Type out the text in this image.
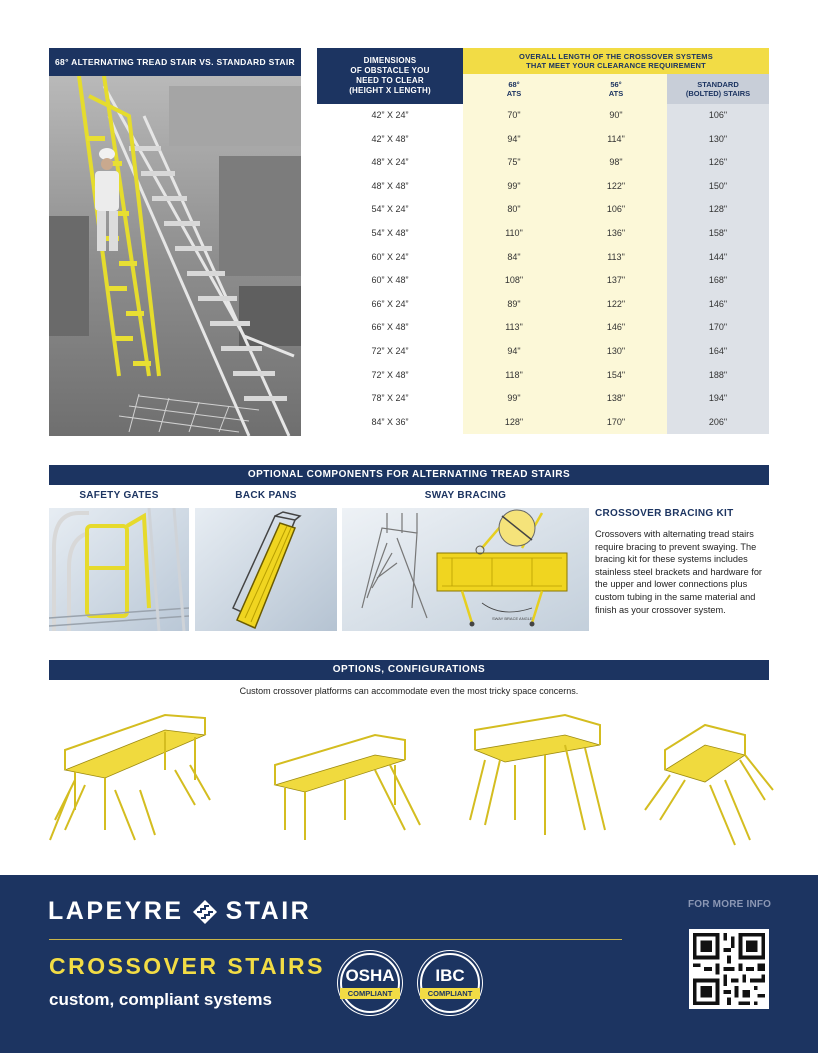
68° ALTERNATING TREAD STAIR VS. STANDARD STAIR	DIMENSIONS
OF OBSTACLE YOU
NEED TO CLEAR
(HEIGHT X LENGTH)
OVERALL LENGTH OF THE CROSSOVER SYSTEMS
THAT MEET YOUR CLEARANCE REQUIREMENT
68°
ATS
56°
ATS
STANDARD
(BOLTED) STAIRS
42” X 24”	70"	90"	106"
42” X 48”	94"	114"	130"
48” X 24”	75"	98"	126"
48” X 48”	99"	122"	150"
54” X 24”	80"	106"	128"
54” X 48”	110"	136"	158"
60” X 24”	84"	113"	144"
60” X 48”	108"	137"	168"
66” X 24”	89"	122"	146"
66” X 48”	113"	146"	170"
72” X 24”	94"	130"	164"
72” X 48”	118"	154"	188"
78” X 24”	99"	138"	194"
84” X 36”	128"	170"	206"
OPTIONAL COMPONENTS FOR ALTERNATING TREAD STAIRS
SAFETY GATES	BACK PANS	SWAY BRACING
SWAY BRACE ANGLE
CROSSOVER BRACING KIT
Crossovers with alternating tread stairs require bracing to prevent swaying. The bracing kit for these systems includes stainless steel brackets and hardware for the upper and lower connections plus custom tubing in the same material and finish as your crossover system.
OPTIONS, CONFIGURATIONS
Custom crossover platforms can accommodate even the most tricky space concerns.
LAPEYRE STAIR
CROSSOVER STAIRS
custom, compliant systems
OSHA
COMPLIANT
IBC
COMPLIANT
FOR MORE INFO
